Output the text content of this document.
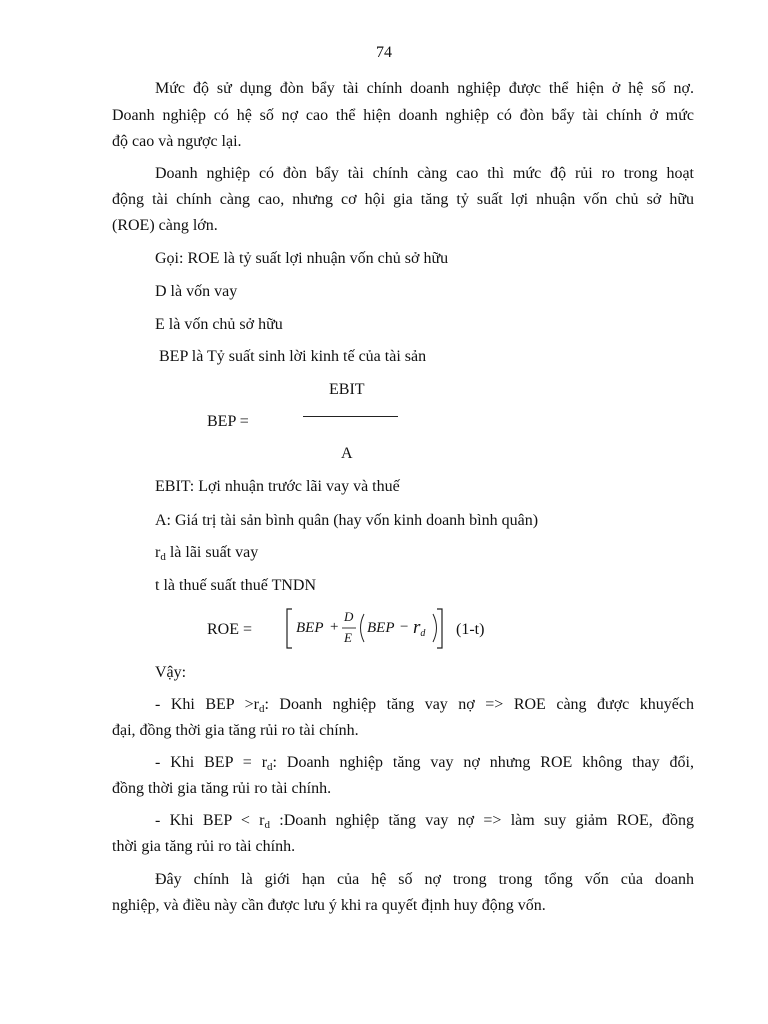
74
Mức độ sử dụng đòn bẩy tài chính doanh nghiệp được thể hiện ở hệ số nợ.
Doanh nghiệp có hệ số nợ cao thể hiện doanh nghiệp có đòn bẩy tài chính ở mức
độ cao và ngược lại.
Doanh nghiệp có đòn bẩy tài chính càng cao thì mức độ rủi ro trong hoạt
động tài chính càng cao, nhưng cơ hội gia tăng tỷ suất lợi nhuận vốn chủ sở hữu
(ROE) càng lớn.
Gọi: ROE là tỷ suất lợi nhuận vốn chủ sở hữu
D là vốn vay
E là vốn chủ sở hữu
BEP là Tỷ suất sinh lời kinh tế của tài sản
EBIT
BEP =
A
EBIT: Lợi nhuận trước lãi vay và thuế
A: Giá trị tài sản bình quân (hay vốn kinh doanh bình quân)
$r_d$ là lãi suất vay
t là thuế suất thuế TNDN
ROE =	BEP +
D
E
BEP − $r_d$ (1-t)
Vậy:
- Khi BEP $>r_d$: Doanh nghiệp tăng vay nợ => ROE càng được khuyếch
đại, đồng thời gia tăng rủi ro tài chính.
- Khi BEP = $r_d$: Doanh nghiệp tăng vay nợ nhưng ROE không thay đổi,
đồng thời gia tăng rủi ro tài chính.
- Khi BEP < $r_d$ :Doanh nghiệp tăng vay nợ => làm suy giảm ROE, đồng
thời gia tăng rủi ro tài chính.
Đây chính là giới hạn của hệ số nợ trong trong tổng vốn của doanh
nghiệp, và điều này cần được lưu ý khi ra quyết định huy động vốn.
